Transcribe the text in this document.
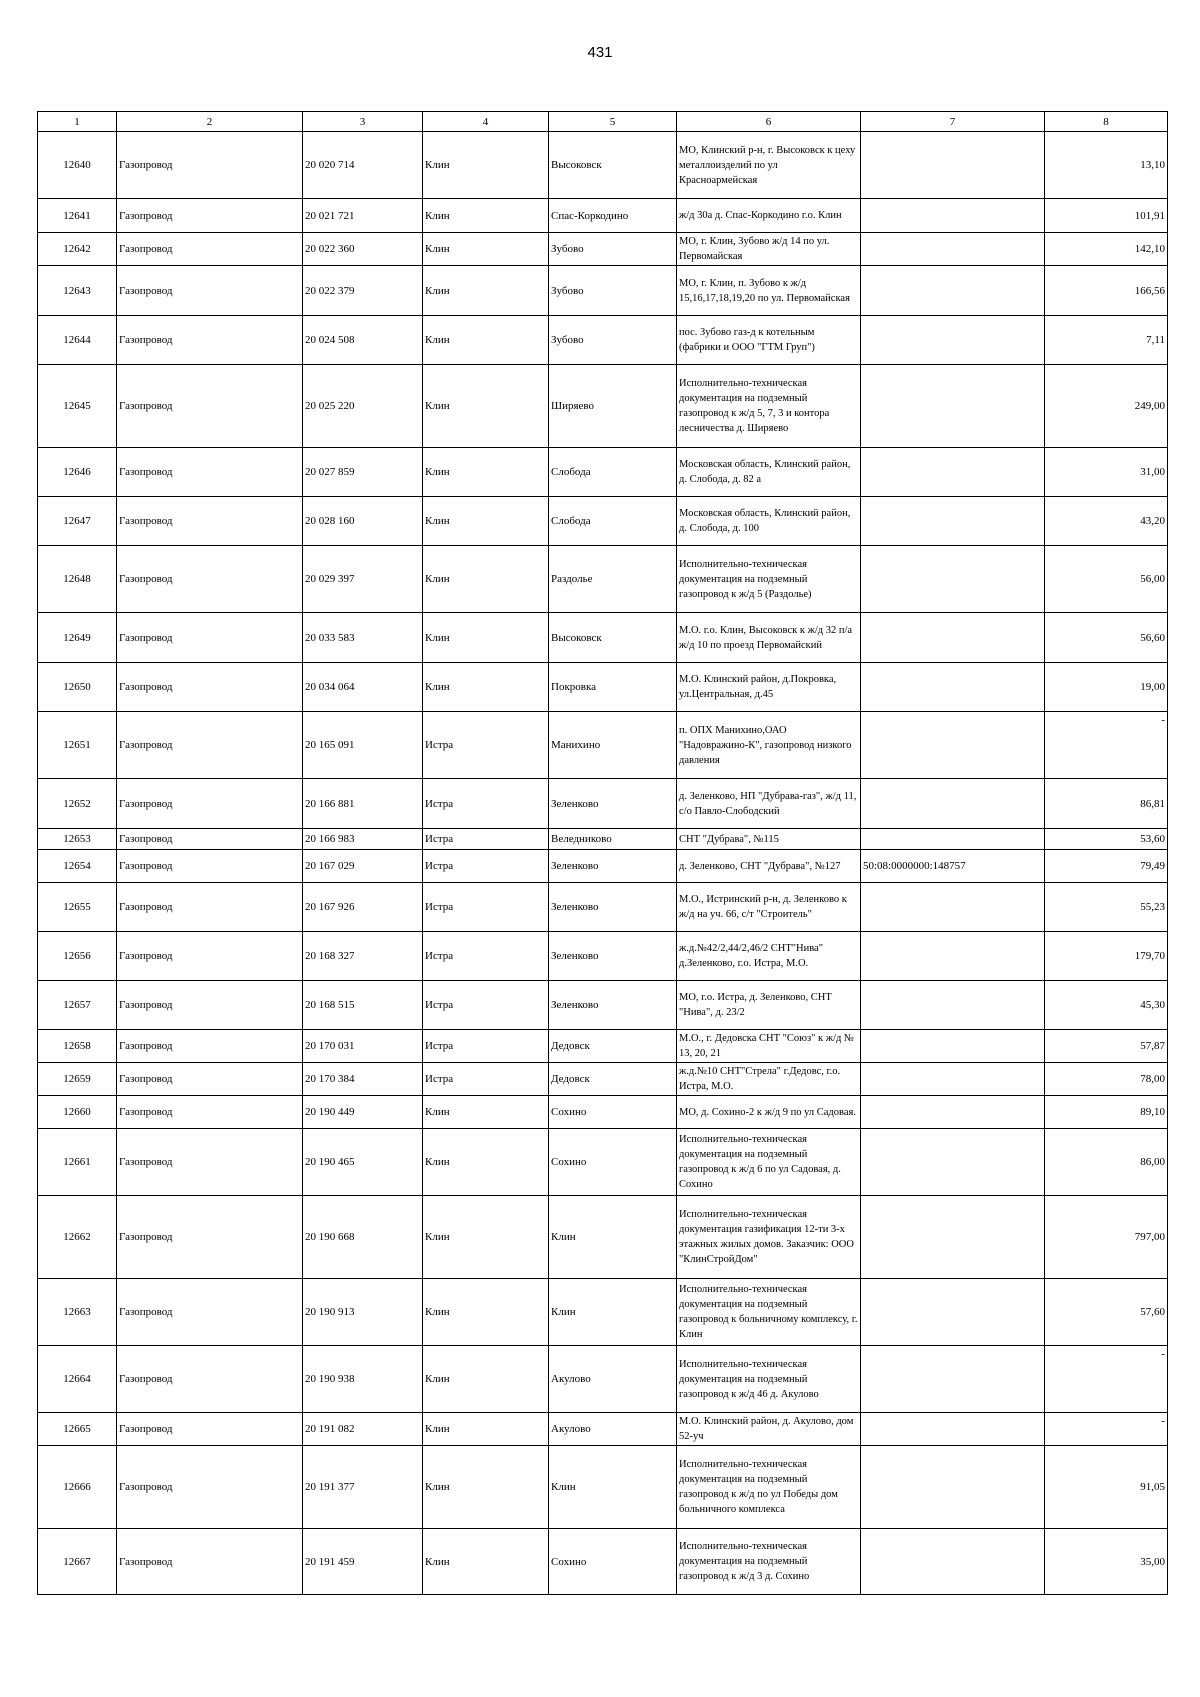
431
1	2	3	4	5	6	7	8
12640	Газопровод	20 020 714	Клин	Высоковск	МО, Клинский р-н, г. Высоковск к цеху металлоизделий по ул Красноармейская		13,10
12641	Газопровод	20 021 721	Клин	Спас-Коркодино	ж/д 30а д. Спас-Коркодино г.о. Клин		101,91
12642	Газопровод	20 022 360	Клин	Зубово	МО, г. Клин, Зубово ж/д 14 по ул. Первомайская		142,10
12643	Газопровод	20 022 379	Клин	Зубово	МО, г. Клин, п. Зубово к ж/д 15,16,17,18,19,20 по ул. Первомайская		166,56
12644	Газопровод	20 024 508	Клин	Зубово	пос. Зубово газ-д к котельным (фабрики и ООО "ГТМ Груп")		7,11
12645	Газопровод	20 025 220	Клин	Ширяево	Исполнительно-техническая документация на подземный газопровод к ж/д 5, 7, 3 и контора лесничества д. Ширяево		249,00
12646	Газопровод	20 027 859	Клин	Слобода	Московская область, Клинский район, д. Слобода, д. 82 а		31,00
12647	Газопровод	20 028 160	Клин	Слобода	Московская область, Клинский район, д. Слобода, д. 100		43,20
12648	Газопровод	20 029 397	Клин	Раздолье	Исполнительно-техническая документация на подземный газопровод к ж/д 5 (Раздолье)		56,00
12649	Газопровод	20 033 583	Клин	Высоковск	М.О. г.о. Клин, Высоковск к ж/д 32 п/а ж/д 10 по проезд Первомайский		56,60
12650	Газопровод	20 034 064	Клин	Покровка	М.О. Клинский район, д.Покровка, ул.Центральная, д.45		19,00
12651	Газопровод	20 165 091	Истра	Манихино	п. ОПХ Манихино,ОАО "Надовражино-К", газопровод низкого давления		-
12652	Газопровод	20 166 881	Истра	Зеленково	д. Зеленково, НП "Дубрава-газ", ж/д 11, с/о Павло-Слободский		86,81
12653	Газопровод	20 166 983	Истра	Веледниково	СНТ "Дубрава", №115		53,60
12654	Газопровод	20 167 029	Истра	Зеленково	д. Зеленково, СНТ "Дубрава", №127	50:08:0000000:148757	79,49
12655	Газопровод	20 167 926	Истра	Зеленково	М.О., Истринский р-н, д. Зеленково к ж/д на уч. 66, с/т "Строитель"		55,23
12656	Газопровод	20 168 327	Истра	Зеленково	ж.д.№42/2,44/2,46/2 СНТ"Нива" д.Зеленково, г.о. Истра, М.О.		179,70
12657	Газопровод	20 168 515	Истра	Зеленково	МО, г.о. Истра, д. Зеленково, СНТ "Нива", д. 23/2		45,30
12658	Газопровод	20 170 031	Истра	Дедовск	М.О., г. Дедовска СНТ "Союз" к ж/д № 13, 20, 21		57,87
12659	Газопровод	20 170 384	Истра	Дедовск	ж.д.№10 СНТ"Стрела" г.Дедовс, г.о. Истра, М.О.		78,00
12660	Газопровод	20 190 449	Клин	Сохино	МО, д. Сохино-2 к ж/д 9 по ул Садовая.		89,10
12661	Газопровод	20 190 465	Клин	Сохино	Исполнительно-техническая документация на подземный газопровод к ж/д 6 по ул Садовая, д. Сохино		86,00
12662	Газопровод	20 190 668	Клин	Клин	Исполнительно-техническая документация газификация 12-ти 3-х этажных жилых домов. Заказчик: ООО "КлинСтройДом"		797,00
12663	Газопровод	20 190 913	Клин	Клин	Исполнительно-техническая документация на подземный газопровод к больничному комплексу, г. Клин		57,60
12664	Газопровод	20 190 938	Клин	Акулово	Исполнительно-техническая документация на подземный газопровод к ж/д 46 д. Акулово		-
12665	Газопровод	20 191 082	Клин	Акулово	М.О. Клинский район, д. Акулово, дом 52-уч		-
12666	Газопровод	20 191 377	Клин	Клин	Исполнительно-техническая документация на подземный газопровод к ж/д по ул Победы дом больничного комплекса		91,05
12667	Газопровод	20 191 459	Клин	Сохино	Исполнительно-техническая документация на подземный газопровод к ж/д 3 д. Сохино		35,00
